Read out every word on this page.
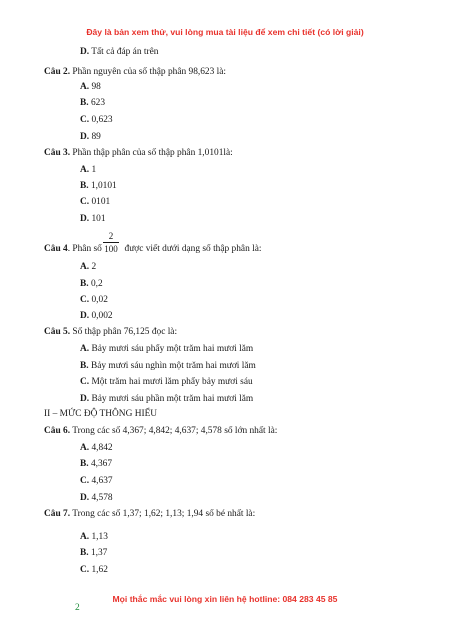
Đây là bản xem thử, vui lòng mua tài liệu để xem chi tiết (có lời giải)
D. Tất cả đáp án trên
Câu 2. Phần nguyên của số thập phân 98,623 là:
A. 98
B. 623
C. 0,623
D. 89
Câu 3. Phần thập phân của số thập phân 1,0101là:
A. 1
B. 1,0101
C. 0101
D. 101
2
100
Câu 4. Phân số  được viết dưới dạng số thập phân là:
A. 2
B. 0,2
C. 0,02
D. 0,002
Câu 5. Số thập phân 76,125 đọc là:
A. Bảy mươi sáu phẩy một trăm hai mươi lăm
B. Bảy mươi sáu nghìn một trăm hai mươi lăm
C. Một trăm hai mươi lăm phẩy bảy mươi sáu
D. Bảy mươi sáu phần một trăm hai mươi lăm
II – MỨC ĐỘ THÔNG HIỂU
Câu 6. Trong các số 4,367; 4,842; 4,637; 4,578 số lớn nhất là:
A. 4,842
B. 4,367
C. 4,637
D. 4,578
Câu 7. Trong các số 1,37; 1,62; 1,13; 1,94 số bé nhất là:
A. 1,13
B. 1,37
C. 1,62
Mọi thắc mắc vui lòng xin liên hệ hotline: 084 283 45 85
2
